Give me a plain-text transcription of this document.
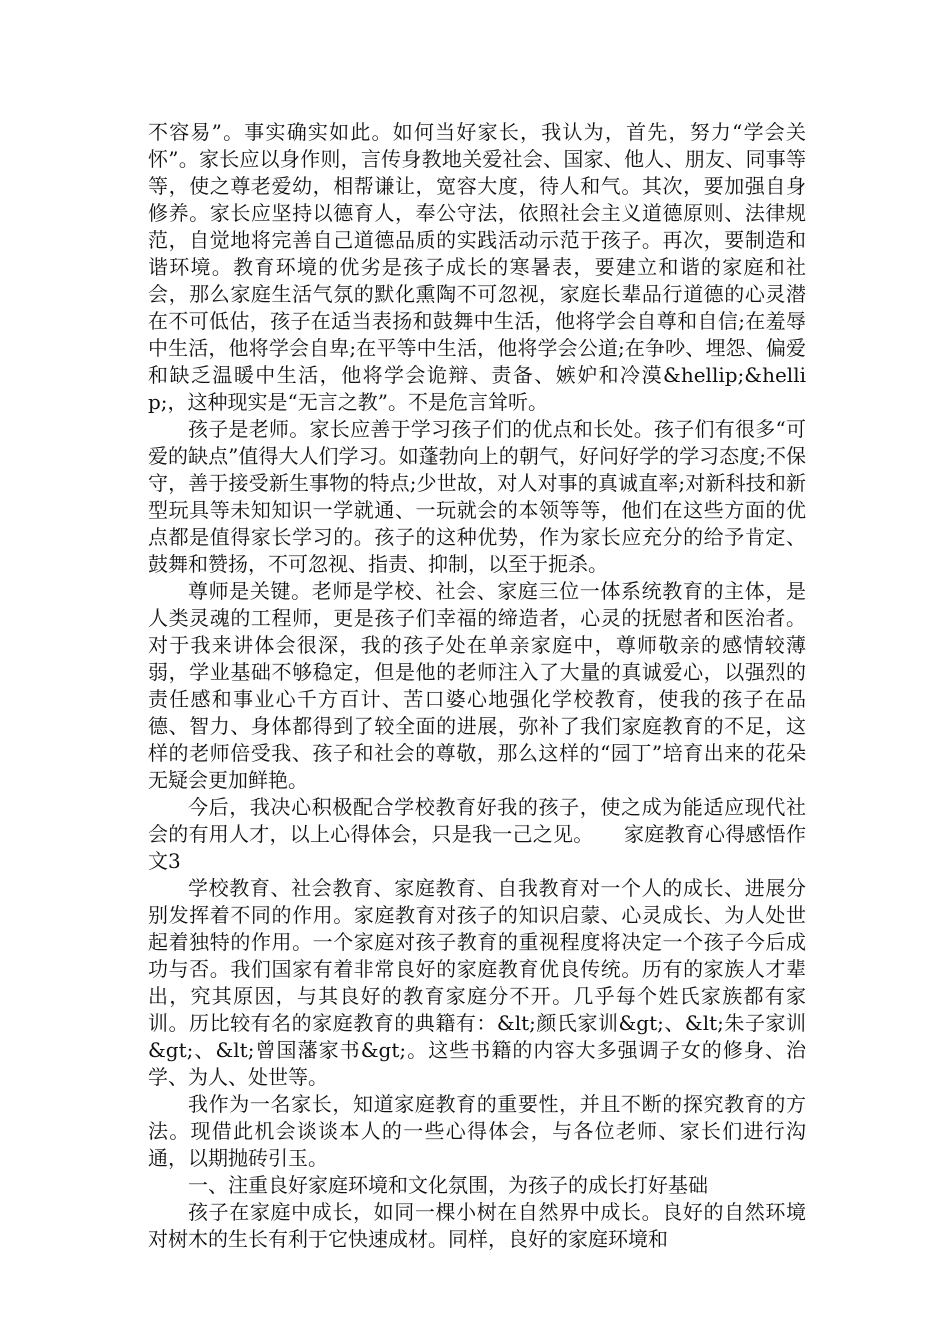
不容易”。事实确实如此。如何当好家长，我认为，首先，努力“学会关怀”。家长应以身作则，言传身教地关爱社会、国家、他人、朋友、同事等等，使之尊老爱幼，相帮谦让，宽容大度，待人和气。其次，要加强自身修养。家长应坚持以德育人，奉公守法，依照社会主义道德原则、法律规范，自觉地将完善自己道德品质的实践活动示范于孩子。再次，要制造和谐环境。教育环境的优劣是孩子成长的寒暑表，要建立和谐的家庭和社会，那么家庭生活气氛的默化熏陶不可忽视，家庭长辈品行道德的心灵潜在不可低估，孩子在适当表扬和鼓舞中生活，他将学会自尊和自信;在羞辱中生活，他将学会自卑;在平等中生活，他将学会公道;在争吵、埋怨、偏爱和缺乏温暖中生活，他将学会诡辩、责备、嫉妒和冷漠&hellip;&hellip;，这种现实是“无言之教”。不是危言耸听。

孩子是老师。家长应善于学习孩子们的优点和长处。孩子们有很多“可爱的缺点”值得大人们学习。如蓬勃向上的朝气，好问好学的学习态度;不保守，善于接受新生事物的特点;少世故，对人对事的真诚直率;对新科技和新型玩具等未知知识一学就通、一玩就会的本领等等，他们在这些方面的优点都是值得家长学习的。孩子的这种优势，作为家长应充分的给予肯定、鼓舞和赞扬，不可忽视、指责、抑制，以至于扼杀。

尊师是关键。老师是学校、社会、家庭三位一体系统教育的主体，是人类灵魂的工程师，更是孩子们幸福的缔造者，心灵的抚慰者和医治者。对于我来讲体会很深，我的孩子处在单亲家庭中，尊师敬亲的感情较薄弱，学业基础不够稳定，但是他的老师注入了大量的真诚爱心，以强烈的责任感和事业心千方百计、苦口婆心地强化学校教育，使我的孩子在品德、智力、身体都得到了较全面的进展，弥补了我们家庭教育的不足，这样的老师倍受我、孩子和社会的尊敬，那么这样的“园丁”培育出来的花朵无疑会更加鲜艳。

今后，我决心积极配合学校教育好我的孩子，使之成为能适应现代社会的有用人才，以上心得体会，只是我一己之见。　　家庭教育心得感悟作文3

学校教育、社会教育、家庭教育、自我教育对一个人的成长、进展分别发挥着不同的作用。家庭教育对孩子的知识启蒙、心灵成长、为人处世起着独特的作用。一个家庭对孩子教育的重视程度将决定一个孩子今后成功与否。我们国家有着非常良好的家庭教育优良传统。历有的家族人才辈出，究其原因，与其良好的教育家庭分不开。几乎每个姓氏家族都有家训。历比较有名的家庭教育的典籍有：&lt;颜氏家训&gt;、&lt;朱子家训&gt;、&lt;曾国藩家书&gt;。这些书籍的内容大多强调子女的修身、治学、为人、处世等。

我作为一名家长，知道家庭教育的重要性，并且不断的探究教育的方法。现借此机会谈谈本人的一些心得体会，与各位老师、家长们进行沟通，以期抛砖引玉。

一、注重良好家庭环境和文化氛围，为孩子的成长打好基础

孩子在家庭中成长，如同一棵小树在自然界中成长。良好的自然环境对树木的生长有利于它快速成材。同样，良好的家庭环境和
